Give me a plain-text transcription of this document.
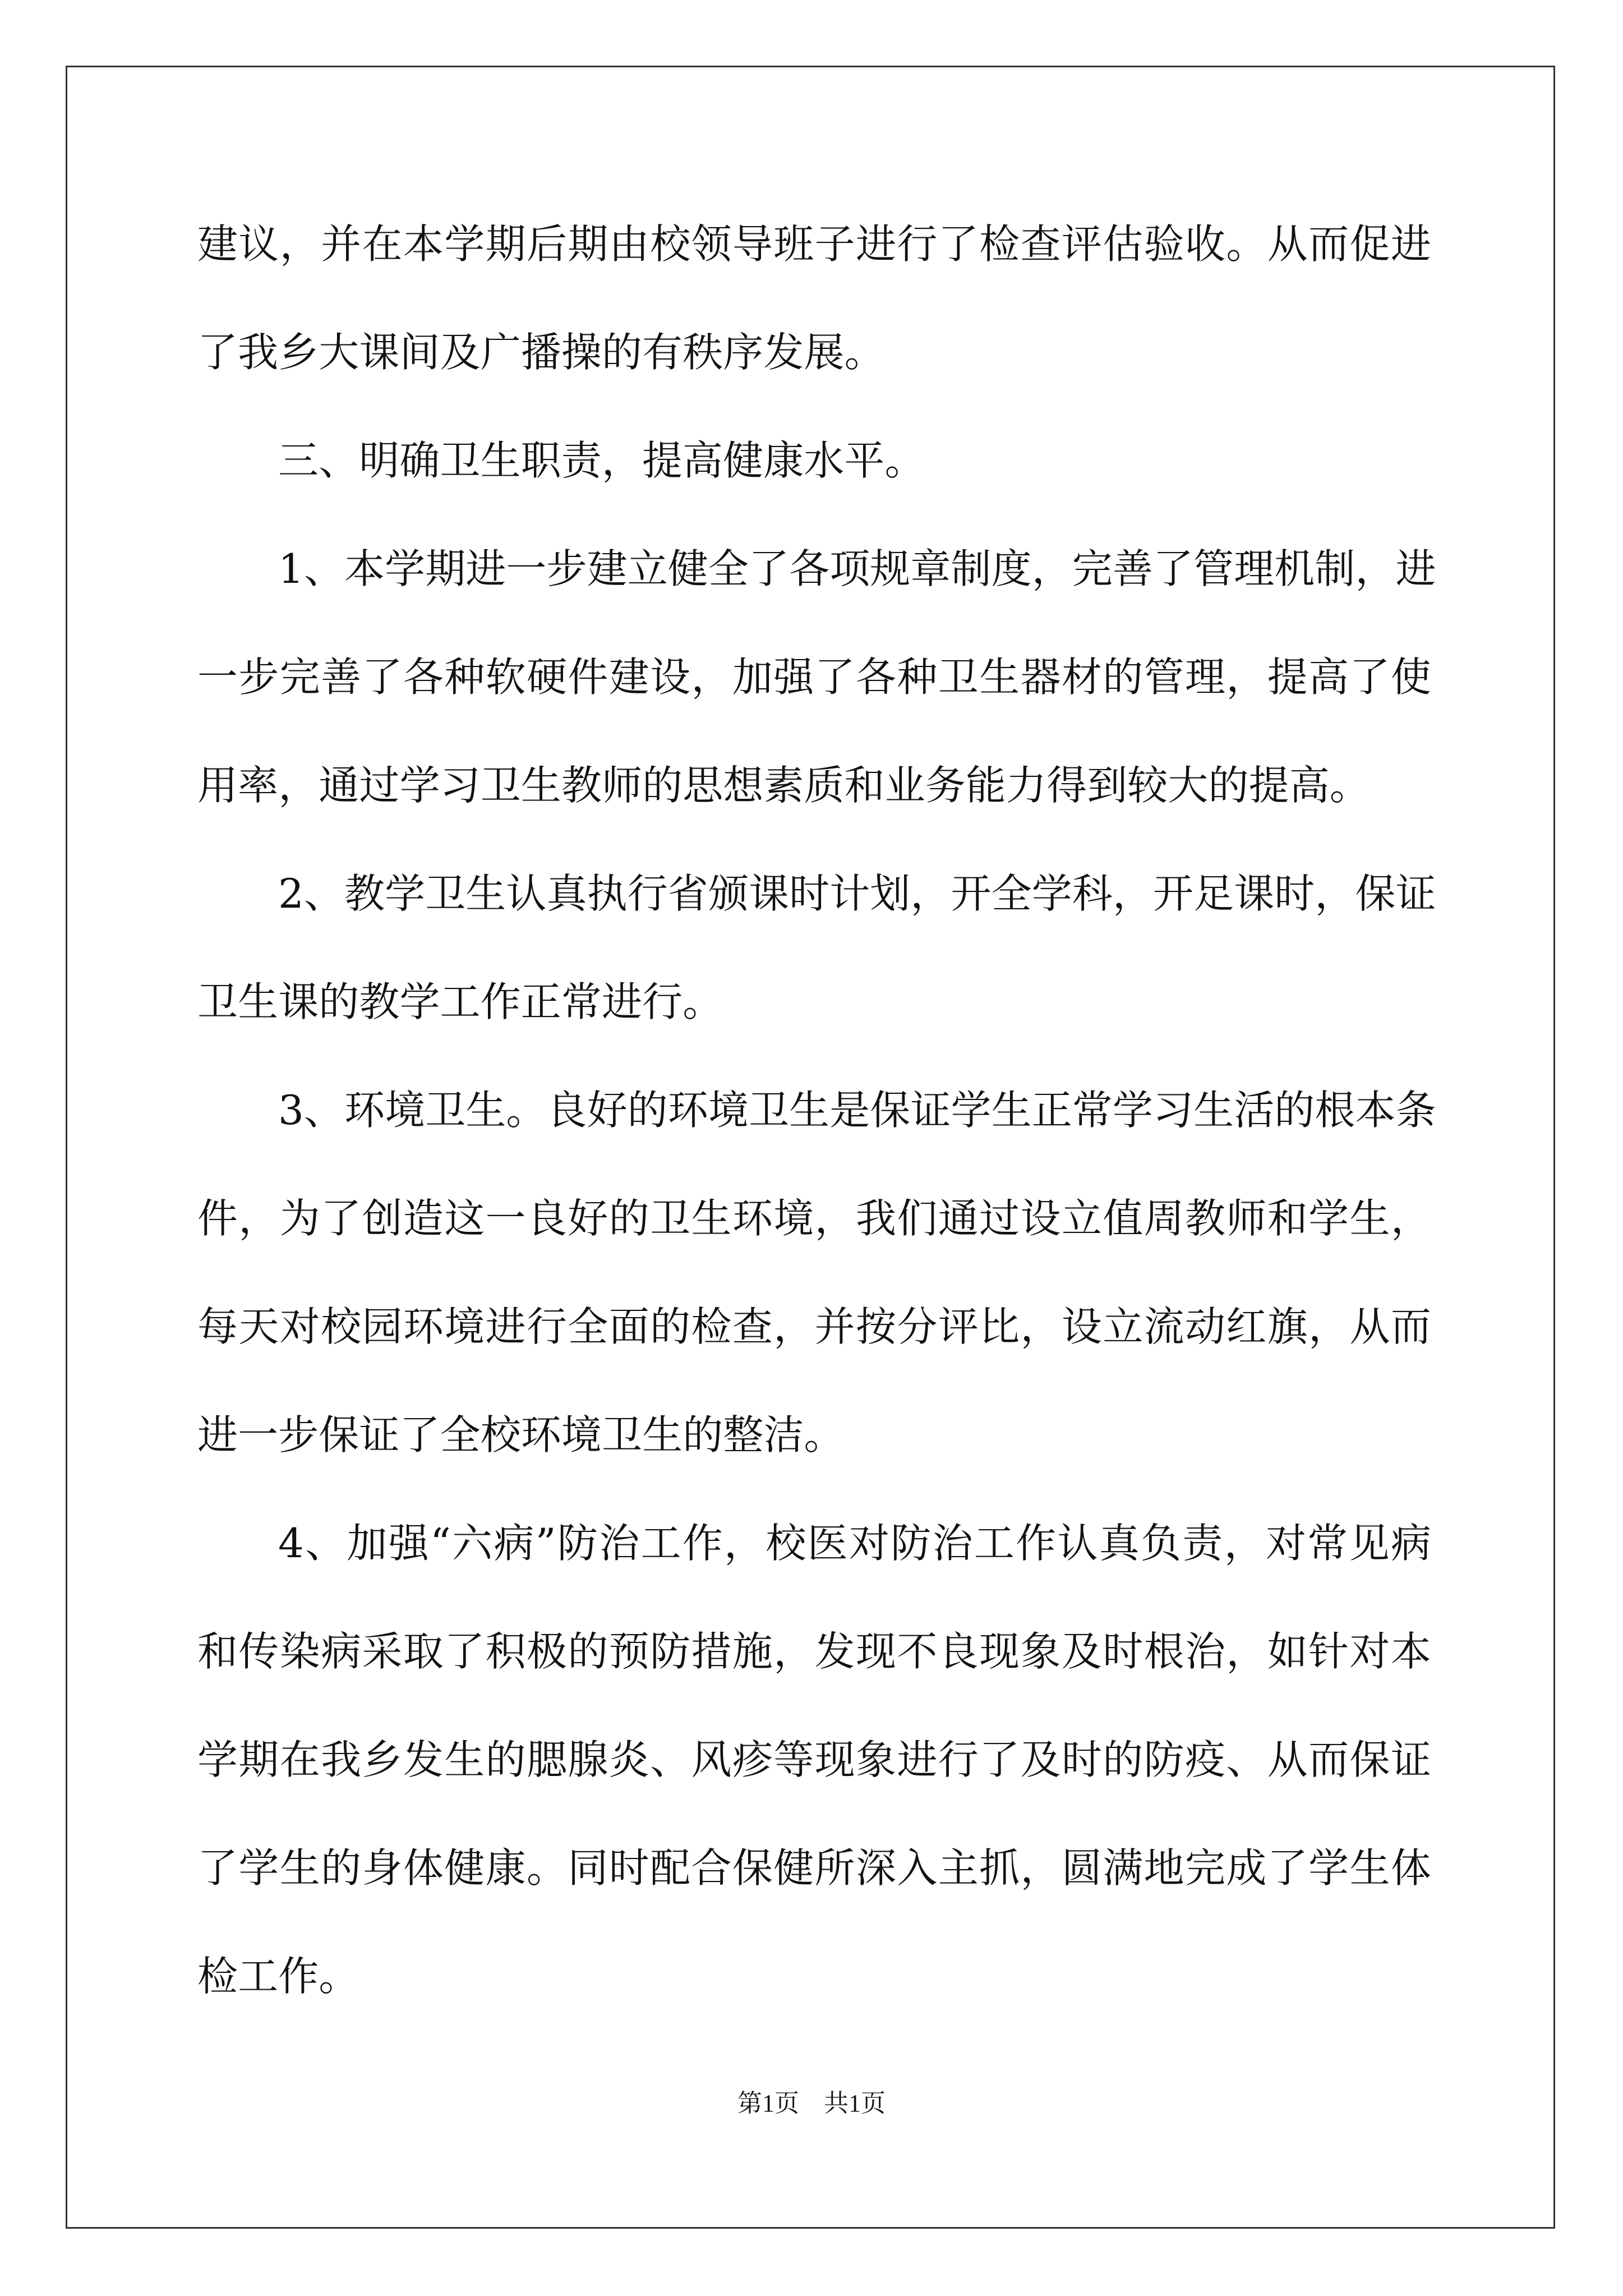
建议，并在本学期后期由校领导班子进行了检查评估验收。从而促进
了我乡大课间及广播操的有秩序发展。
三、明确卫生职责，提高健康水平。
1、本学期进一步建立健全了各项规章制度，完善了管理机制，进
一步完善了各种软硬件建设，加强了各种卫生器材的管理，提高了使
用率，通过学习卫生教师的思想素质和业务能力得到较大的提高。
2、教学卫生认真执行省颁课时计划，开全学科，开足课时，保证
卫生课的教学工作正常进行。
3、环境卫生。良好的环境卫生是保证学生正常学习生活的根本条
件，为了创造这一良好的卫生环境，我们通过设立值周教师和学生，
每天对校园环境进行全面的检查，并按分评比，设立流动红旗，从而
进一步保证了全校环境卫生的整洁。
4、加强“六病”防治工作，校医对防治工作认真负责，对常见病
和传染病采取了积极的预防措施，发现不良现象及时根治，如针对本
学期在我乡发生的腮腺炎、风疹等现象进行了及时的防疫、从而保证
了学生的身体健康。同时配合保健所深入主抓，圆满地完成了学生体
检工作。
第1页　共1页
